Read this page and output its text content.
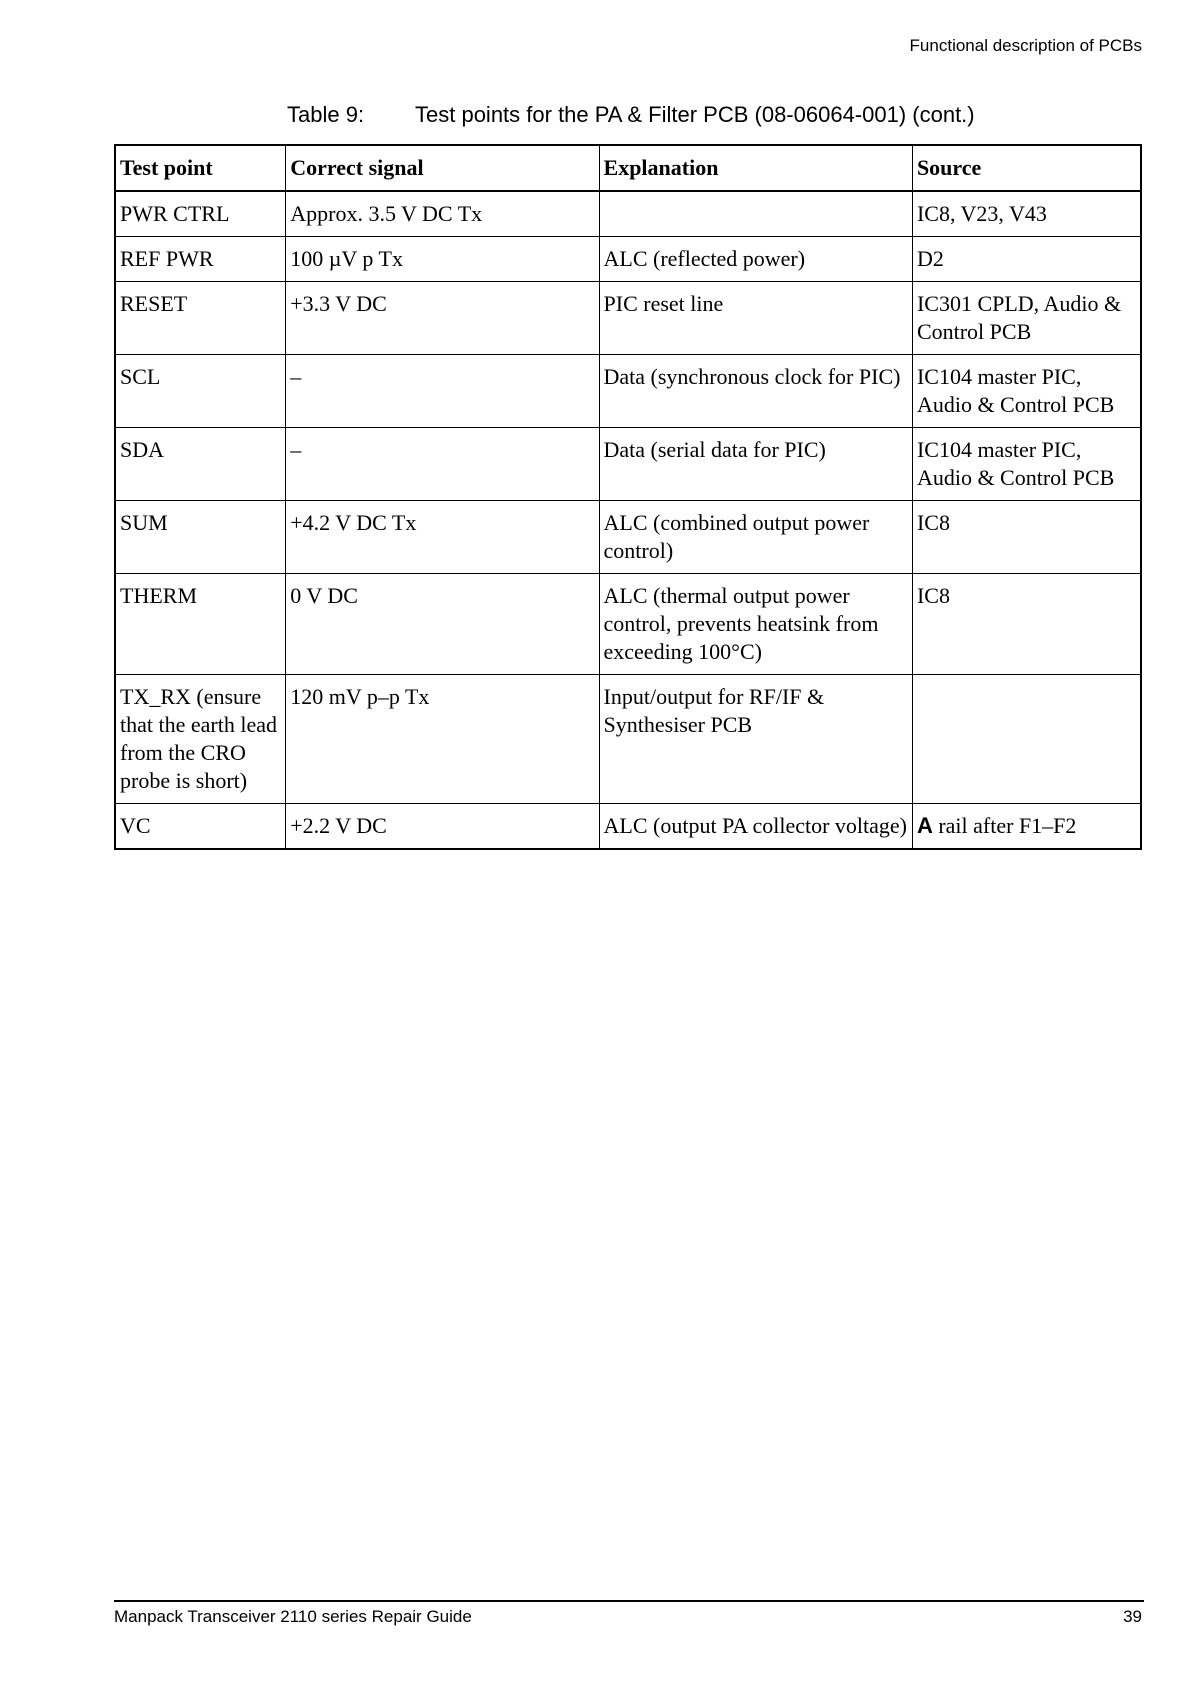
Functional description of PCBs
Table 9: Test points for the PA & Filter PCB (08-06064-001) (cont.)
Test point	Correct signal	Explanation	Source
PWR CTRL	Approx. 3.5 V DC Tx		IC8, V23, V43
REF PWR	100 µV p Tx	ALC (reflected power)	D2
RESET	+3.3 V DC	PIC reset line	IC301 CPLD, Audio & Control PCB
SCL	–	Data (synchronous clock for PIC)	IC104 master PIC, Audio & Control PCB
SDA	–	Data (serial data for PIC)	IC104 master PIC, Audio & Control PCB
SUM	+4.2 V DC Tx	ALC (combined output power control)	IC8
THERM	0 V DC	ALC (thermal output power control, prevents heatsink from exceeding 100°C)	IC8
TX_RX (ensure that the earth lead from the CRO probe is short)	120 mV p–p Tx	Input/output for RF/IF & Synthesiser PCB	
VC	+2.2 V DC	ALC (output PA collector voltage)	A rail after F1–F2
Manpack Transceiver 2110 series Repair Guide	39
